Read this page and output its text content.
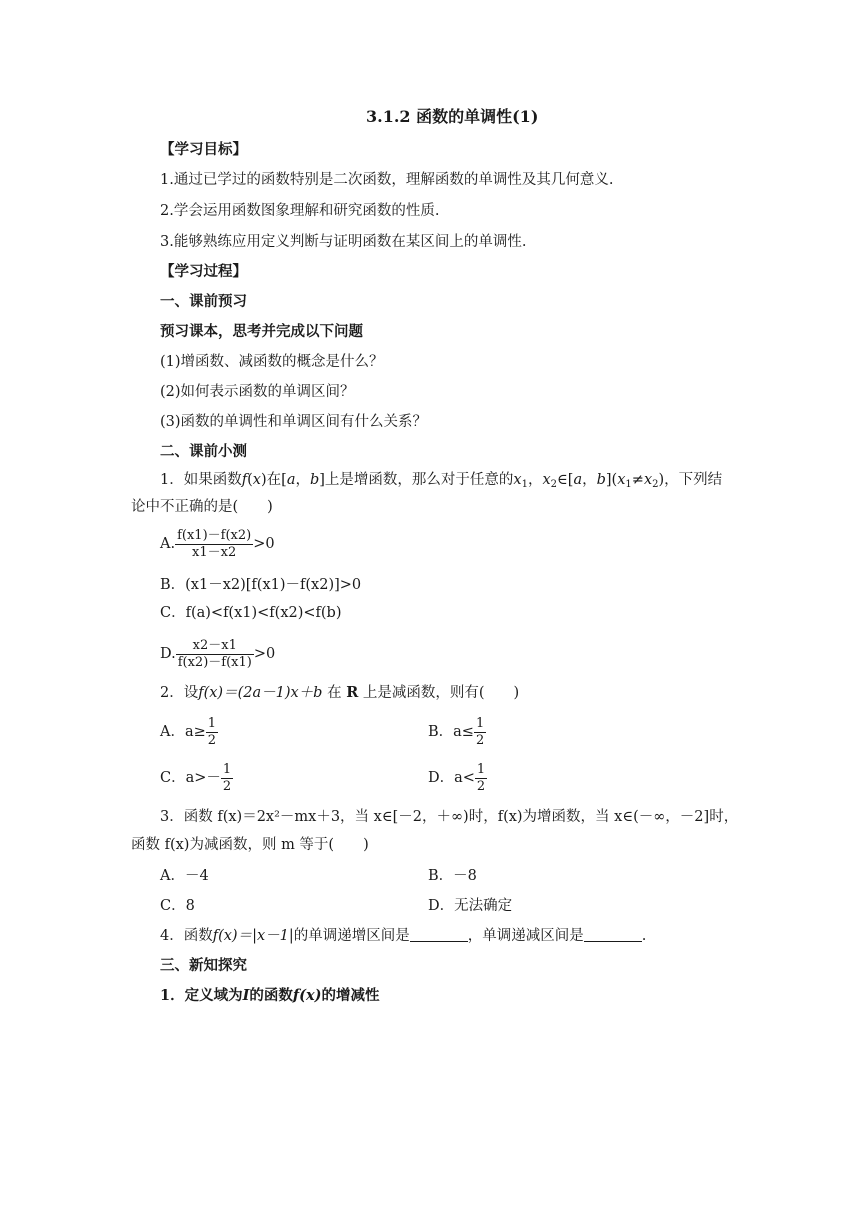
3.1.2 函数的单调性(1)
【学习目标】
1.通过已学过的函数特别是二次函数，理解函数的单调性及其几何意义.
2.学会运用函数图象理解和研究函数的性质.
3.能够熟练应用定义判断与证明函数在某区间上的单调性.
【学习过程】
一、课前预习
预习课本，思考并完成以下问题
(1)增函数、减函数的概念是什么？
(2)如何表示函数的单调区间？
(3)函数的单调性和单调区间有什么关系？
二、课前小测
1．如果函数f(x)在[a，b]上是增函数，那么对于任意的$x_1$，$x_2\in[a$，$b](x_1\ne x_2)$，下列结
论中不正确的是(　　)
A. $\frac{f(x1)-f(x2)}{x1-x2} >0$
B．(x1－x2)[f(x1)－f(x2)]>0
C．f(a)<f(x1)<f(x2)<f(b)
D. $\frac{x2-x1}{f(x2)-f(x1)} >0$
2．设f(x)＝(2a－1)x＋b 在 R 上是减函数，则有(　　)
A．$a\ge \frac{1}{2}$	B．$a\le \frac{1}{2}$
C．$a>- \frac{1}{2}$	D．$a< \frac{1}{2}$
3．函数 f(x)＝2x²－mx＋3，当 x∈[－2，＋∞)时，f(x)为增函数，当 x∈(－∞，－2]时，
函数 f(x)为减函数，则 m 等于(　　)
A．－4	B．－8
C．8	D．无法确定
4．函数f(x)＝|x－1|的单调递增区间是	，单调递减区间是	.
三、新知探究
1．定义域为I的函数f(x)的增减性
